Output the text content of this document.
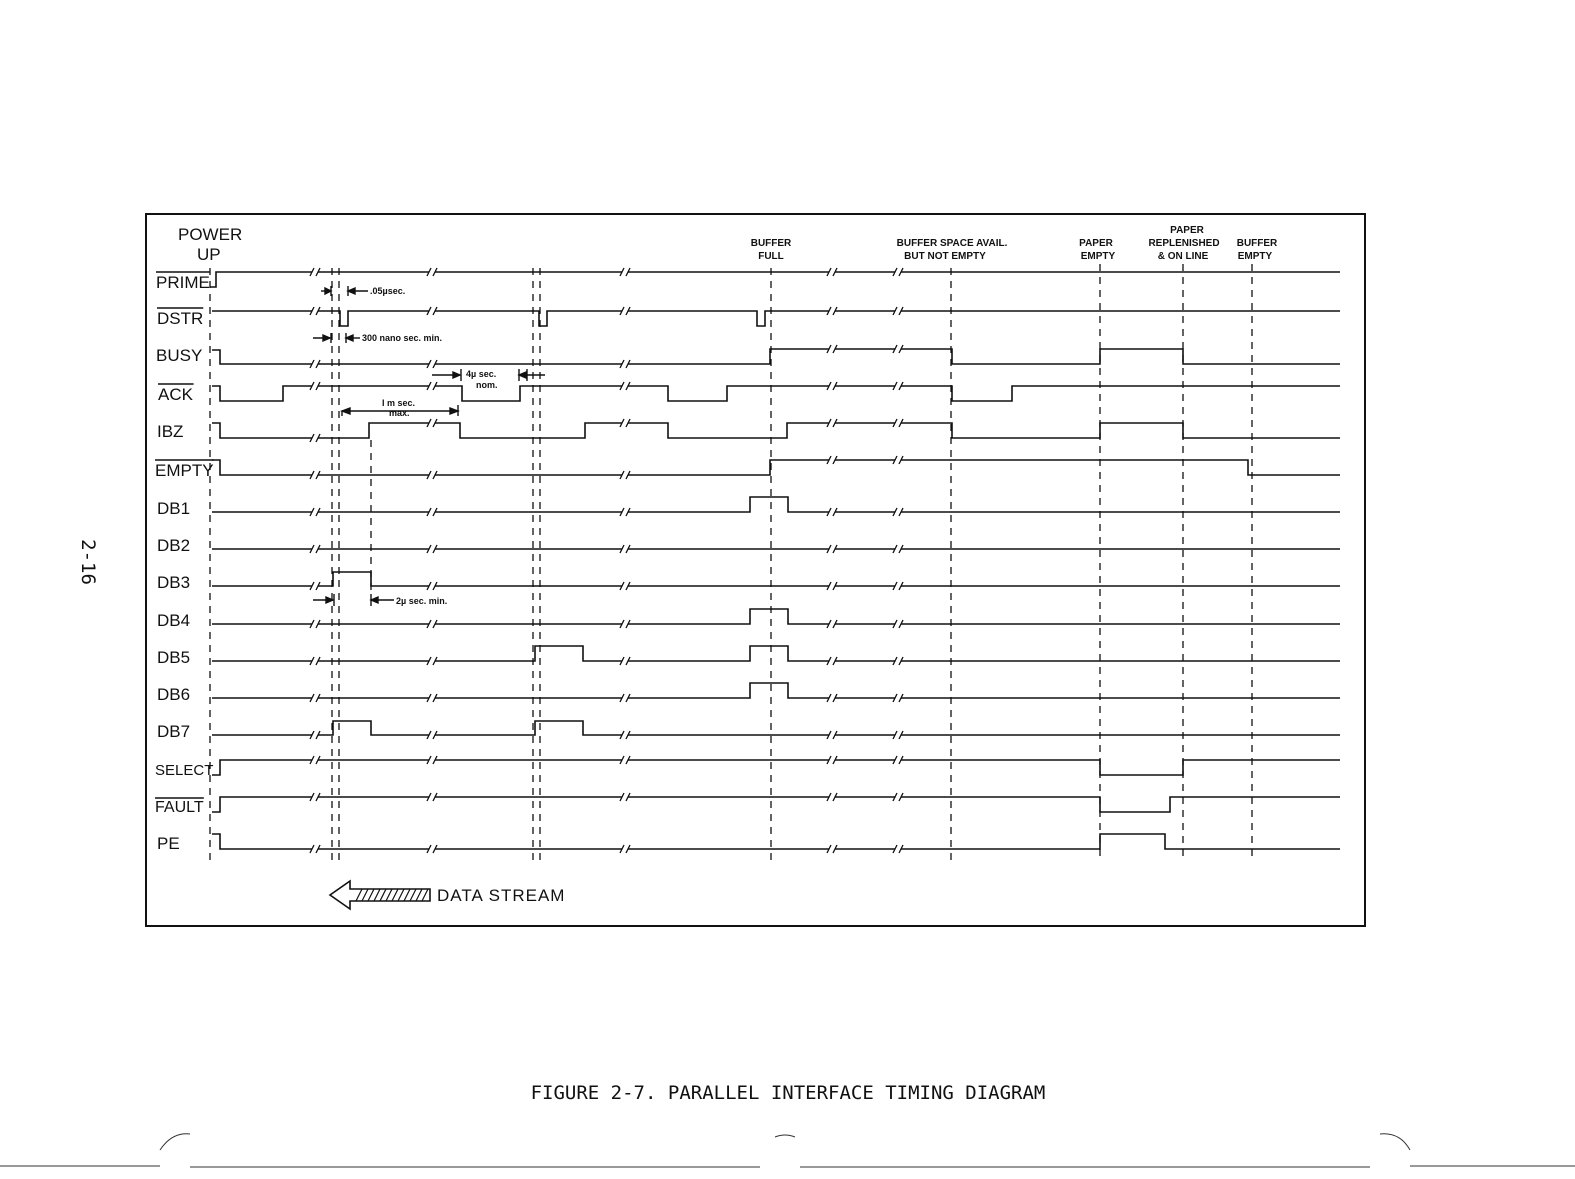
2-16
POWER
UP
BUFFER
FULL
BUFFER SPACE AVAIL.
BUT NOT EMPTY
PAPER
EMPTY
PAPER
REPLENISHED
& ON LINE
BUFFER
EMPTY
PRIME
DSTR
BUSY
ACK
IBZ
EMPTY
DB1
DB2
DB3
DB4
DB5
DB6
DB7
SELECT
FAULT
PE
.05µsec.
300 nano sec. min.
4µ sec.
nom.
I m sec.
max.
2µ sec. min.
DATA STREAM
FIGURE 2-7. PARALLEL INTERFACE TIMING DIAGRAM
